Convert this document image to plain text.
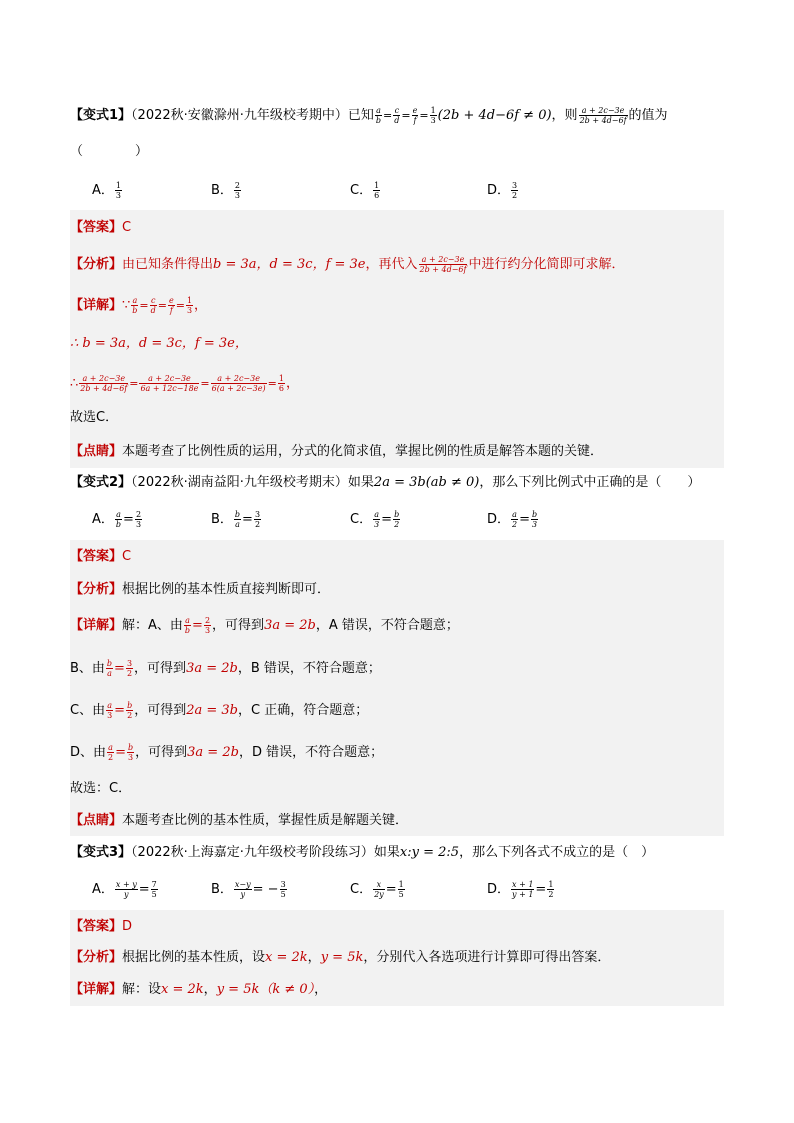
【变式1】（2022秋·安徽滁州·九年级校考期中）已知 $\frac{a}{b} = \frac{c}{d} = \frac{e}{f} = \frac{1}{3} (2b + 4d-6f \ne 0)$，则 $\frac{a + 2c-3e}{2b + 4d-6f}$ 的值为
（	）
A． $\frac{1}{3}$	B． $\frac{2}{3}$	C． $\frac{1}{6}$	D． $\frac{3}{2}$
【答案】C
【分析】由已知条件得出b = 3a，d = 3c，f = 3e，再代入 $\frac{a + 2c-3e}{2b + 4d-6f}$ 中进行约分化简即可求解．
【详解】∵ $\frac{a}{b} = \frac{c}{d} = \frac{e}{f} = \frac{1}{3}$ ，
∴ b = 3a，d = 3c，f = 3e，
∴ $\frac{a + 2c-3e}{2b + 4d-6f} = \frac{a + 2c-3e}{6a + 12c-18e} = \frac{a + 2c-3e}{6(a + 2c-3e)} = \frac{1}{6}$ ，
故选C．
【点睛】本题考查了比例性质的运用，分式的化简求值，掌握比例的性质是解答本题的关键．
【变式2】（2022秋·湖南益阳·九年级校考期末）如果2a = 3b(ab ≠ 0)，那么下列比例式中正确的是（　　）
A． $\frac{a}{b} = \frac{2}{3}$	B． $\frac{b}{a} = \frac{3}{2}$	C． $\frac{a}{3} = \frac{b}{2}$	D． $\frac{a}{2} = \frac{b}{3}$
【答案】C
【分析】根据比例的基本性质直接判断即可．
【详解】解：A、由 $\frac{a}{b} = \frac{2}{3}$ ，可得到3a = 2b，A 错误，不符合题意；
B、由 $\frac{b}{a} = \frac{3}{2}$ ，可得到3a = 2b，B 错误，不符合题意；
C、由 $\frac{a}{3} = \frac{b}{2}$ ，可得到2a = 3b，C 正确，符合题意；
D、由 $\frac{a}{2} = \frac{b}{3}$ ，可得到3a = 2b，D 错误，不符合题意；
故选：C．
【点睛】本题考查比例的基本性质，掌握性质是解题关键．
【变式3】（2022秋·上海嘉定·九年级校考阶段练习）如果x:y = 2:5，那么下列各式不成立的是（　）
A． $\frac{x + y}{y} = \frac{7}{5}$	B． $\frac{x-y}{y}$ = − $\frac{3}{5}$	C． $\frac{x}{2y} = \frac{1}{5}$	D． $\frac{x + 1}{y + 1} = \frac{1}{2}$
【答案】D
【分析】根据比例的基本性质，设x = 2k，y = 5k，分别代入各选项进行计算即可得出答案．
【详解】解：设x = 2k，y = 5k（k ≠ 0），
